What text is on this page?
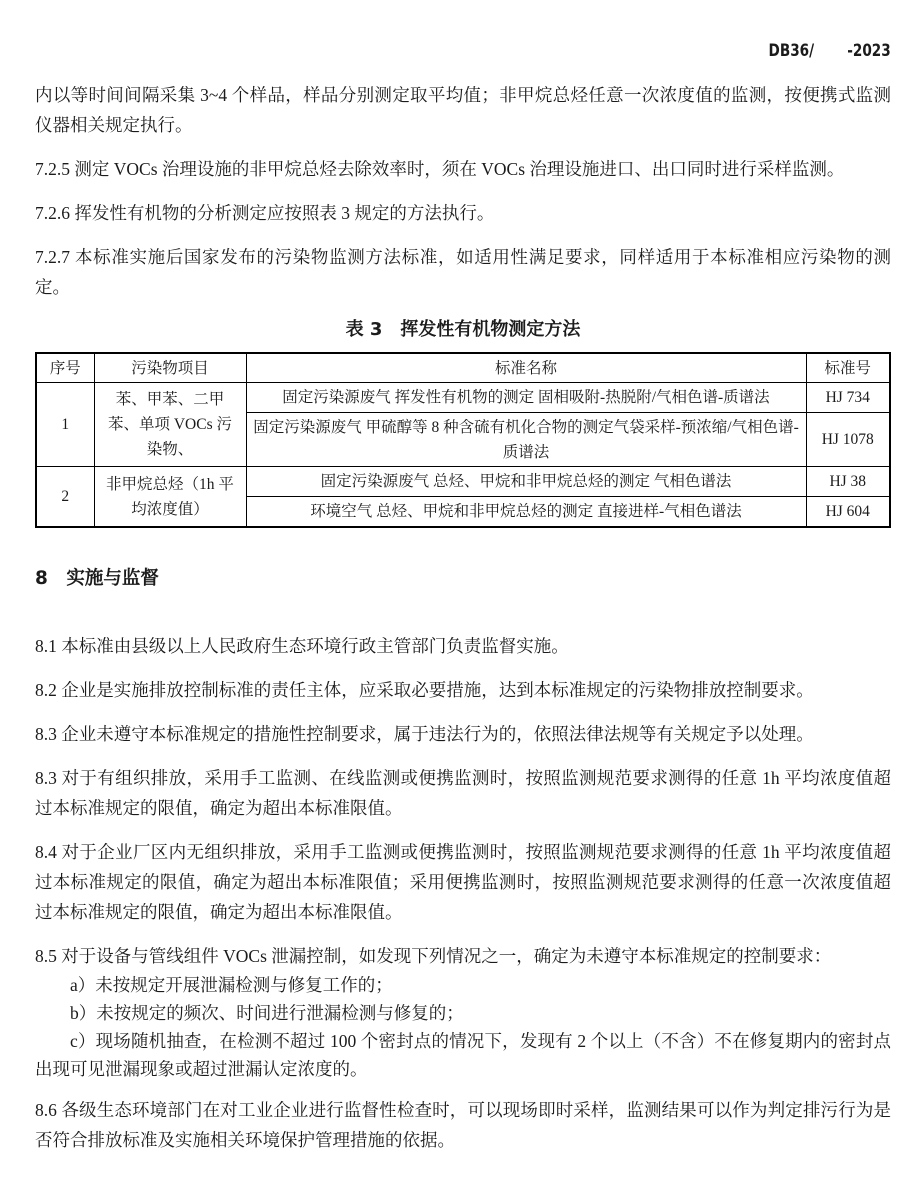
DB36/       -2023

内以等时间间隔采集 3~4 个样品，样品分别测定取平均值；非甲烷总烃任意一次浓度值的监测，按便携式监测仪器相关规定执行。

7.2.5 测定 VOCs 治理设施的非甲烷总烃去除效率时，须在 VOCs 治理设施进口、出口同时进行采样监测。

7.2.6 挥发性有机物的分析测定应按照表 3 规定的方法执行。

7.2.7 本标准实施后国家发布的污染物监测方法标准，如适用性满足要求，同样适用于本标准相应污染物的测定。

表 3　挥发性有机物测定方法
序号	污染物项目	标准名称	标准号
1	苯、甲苯、二甲苯、单项 VOCs 污染物、	固定污染源废气 挥发性有机物的测定 固相吸附-热脱附/气相色谱-质谱法	HJ 734
		固定污染源废气 甲硫醇等 8 种含硫有机化合物的测定气袋采样-预浓缩/气相色谱-质谱法	HJ 1078
2	非甲烷总烃（1h 平均浓度值）	固定污染源废气 总烃、甲烷和非甲烷总烃的测定 气相色谱法	HJ 38
		环境空气 总烃、甲烷和非甲烷总烃的测定 直接进样-气相色谱法	HJ 604
8　实施与监督

8.1 本标准由县级以上人民政府生态环境行政主管部门负责监督实施。

8.2 企业是实施排放控制标准的责任主体，应采取必要措施，达到本标准规定的污染物排放控制要求。

8.3 企业未遵守本标准规定的措施性控制要求，属于违法行为的，依照法律法规等有关规定予以处理。

8.3 对于有组织排放，采用手工监测、在线监测或便携监测时，按照监测规范要求测得的任意 1h 平均浓度值超过本标准规定的限值，确定为超出本标准限值。

8.4 对于企业厂区内无组织排放，采用手工监测或便携监测时，按照监测规范要求测得的任意 1h 平均浓度值超过本标准规定的限值，确定为超出本标准限值；采用便携监测时，按照监测规范要求测得的任意一次浓度值超过本标准规定的限值，确定为超出本标准限值。

8.5 对于设备与管线组件 VOCs 泄漏控制，如发现下列情况之一，确定为未遵守本标准规定的控制要求：

a）未按规定开展泄漏检测与修复工作的；

b）未按规定的频次、时间进行泄漏检测与修复的；

c）现场随机抽查，在检测不超过 100 个密封点的情况下，发现有 2 个以上（不含）不在修复期内的密封点出现可见泄漏现象或超过泄漏认定浓度的。

8.6 各级生态环境部门在对工业企业进行监督性检查时，可以现场即时采样，监测结果可以作为判定排污行为是否符合排放标准及实施相关环境保护管理措施的依据。
